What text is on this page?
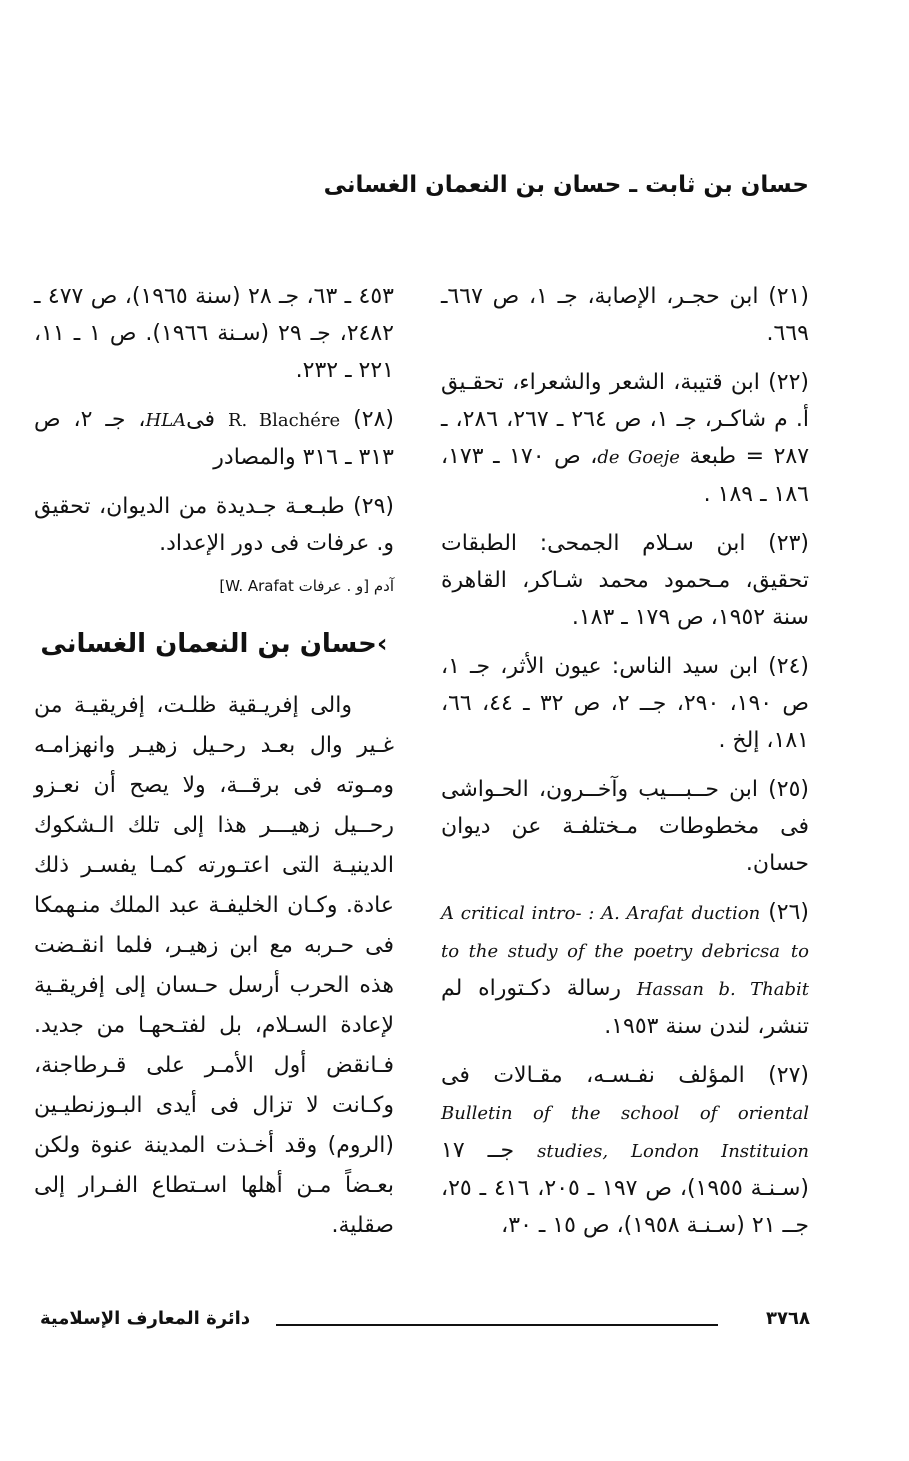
حسان بن ثابت ـ حسان بن النعمان الغسانى

(٢١) ابن حجـر، الإصابة، جـ ١، ص ٦٦٧ـ ٦٦٩.

(٢٢) ابن قتيبة، الشعر والشعراء، تحقـيق أ. م شاكـر، جـ ١، ص ٢٦٤ ـ ٢٦٧، ٢٨٦، ـ ٢٨٧ = طبعة de Goeje، ص ١٧٠ ـ ١٧٣، ١٨٦ ـ ١٨٩ .

(٢٣) ابن سـلام الجمحى: الطبقات تحقيق، مـحمود محمد شـاكر، القاهرة سنة ١٩٥٢، ص ١٧٩ ـ ١٨٣.

(٢٤) ابن سيد الناس: عيون الأثر، جـ ١، ص ١٩٠، ٢٩٠، جــ ٢، ص ٣٢ ـ ٤٤، ٦٦، ١٨١، إلخ .

(٢٥) ابن حــبـــيب وآخــرون، الحـواشى فى مخطوطات مـختلفـة عن ديوان حسان.

(٢٦) A critical intro- : A. Arafat duction to the study of the poetry debricsa to Hassan b. Thabit رسالة دكـتوراه لم تنشر، لندن سنة ١٩٥٣.

(٢٧) المؤلف نفـسـه، مقـالات فى Bulletin of the school of oriental studies, London Instituion جــ ١٧ (سـنـة ١٩٥٥)، ص ١٩٧ ـ ٢٠٥، ٤١٦ ـ ٢٥، جــ ٢١ (سـنـة ١٩٥٨)، ص ١٥ ـ ٣٠،

٤٥٣ ـ ٦٣، جـ ٢٨ (سنة ١٩٦٥)، ص ٤٧٧ ـ ٢٤٨٢، جـ ٢٩ (سـنة ١٩٦٦). ص ١ ـ ١١، ٢٢١ ـ ٢٣٢.

(٢٨) R. Blachére فىHLA، جـ ٢، ص ٣١٣ ـ ٣١٦ والمصادر

(٢٩) طبـعـة جـديدة من الديوان، تحقيق و. عرفات فى دور الإعداد.

آدم [و . عرفات W. Arafat]

›حسان بن النعمان الغسانى

والى إفريـقية ظلـت، إفريقيـة من غـير وال بعـد رحـيل زهيـر وانهزامـه ومـوته فى برقــة، ولا يصح أن نعـزو رحــيل زهيـــر هذا إلى تلك الـشكوك الدينيـة التى اعتـورته كمـا يفسـر ذلك عادة. وكـان الخليفـة عبد الملك منـهمكا فى حـربه مع ابن زهيـر، فلما انقـضت هذه الحرب أرسل حـسان إلى إفريقـية لإعادة السـلام، بل لفتـحهـا من جديد. فـانقض أول الأمـر على قـرطاجنة، وكـانت لا تزال فى أيدى البـوزنطيـين (الروم) وقد أخـذت المدينة عنوة ولكن بعـضاً مـن أهلها اسـتطاع الفـرار إلى صقلية.

دائرة المعارف الإسلامية	٣٧٦٨
